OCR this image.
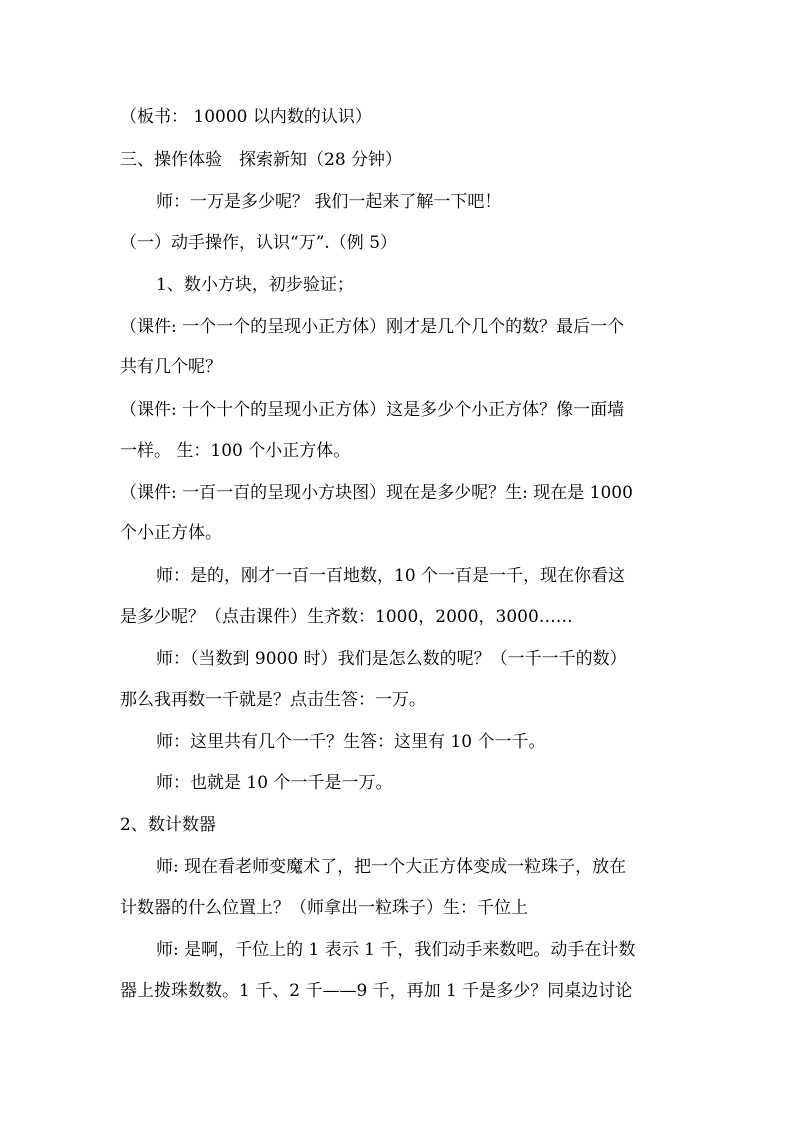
（板书： 10000 以内数的认识）
三、操作体验　探索新知（28 分钟）
师：一万是多少呢？ 我们一起来了解一下吧！
（一）动手操作，认识“万”.（例 5）
1、数小方块，初步验证；
（课件: 一个一个的呈现小正方体）刚才是几个几个的数？最后一个
共有几个呢？
（课件: 十个十个的呈现小正方体）这是多少个小正方体？像一面墙
一样。 生：100 个小正方体。
（课件: 一百一百的呈现小方块图）现在是多少呢？生: 现在是 1000
个小正方体。
师：是的，刚才一百一百地数，10 个一百是一千，现在你看这
是多少呢？（点击课件）生齐数：1000，2000，3000……
师：（当数到 9000 时）我们是怎么数的呢？（一千一千的数）
那么我再数一千就是？点击生答：一万。
师：这里共有几个一千？生答：这里有 10 个一千。
师：也就是 10 个一千是一万。
2、数计数器
师: 现在看老师变魔术了，把一个大正方体变成一粒珠子，放在
计数器的什么位置上？（师拿出一粒珠子）生：千位上
师: 是啊，千位上的 1 表示 1 千，我们动手来数吧。动手在计数
器上拨珠数数。1 千、2 千——9 千，再加 1 千是多少？同桌边讨论
